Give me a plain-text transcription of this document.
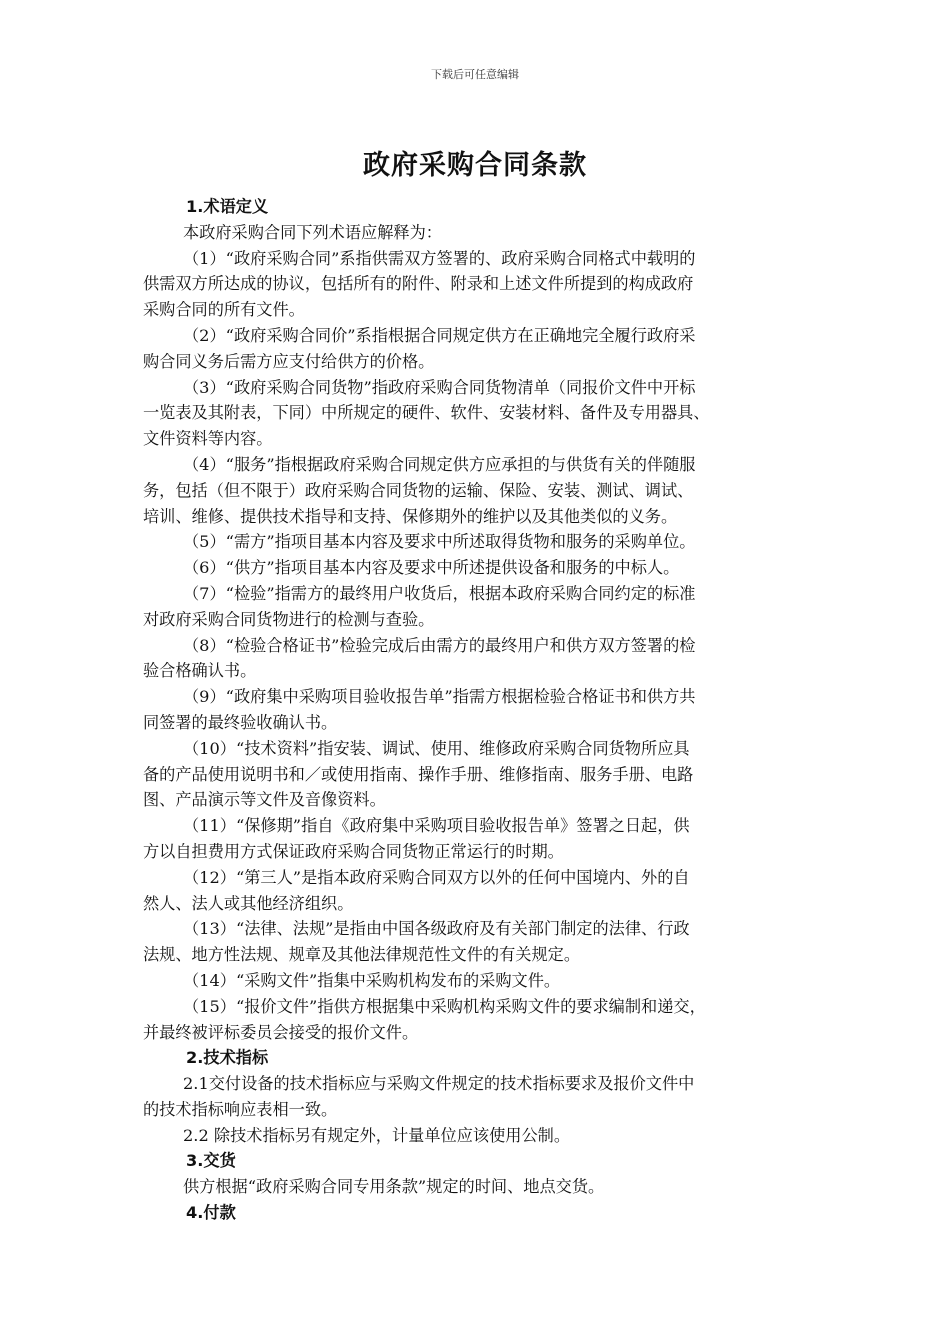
下载后可任意编辑
政府采购合同条款
1.术语定义
本政府采购合同下列术语应解释为：
（1）“政府采购合同”系指供需双方签署的、政府采购合同格式中载明的
供需双方所达成的协议，包括所有的附件、附录和上述文件所提到的构成政府
采购合同的所有文件。
（2）“政府采购合同价”系指根据合同规定供方在正确地完全履行政府采
购合同义务后需方应支付给供方的价格。
（3）“政府采购合同货物”指政府采购合同货物清单（同报价文件中开标
一览表及其附表，下同）中所规定的硬件、软件、安装材料、备件及专用器具、
文件资料等内容。
（4）“服务”指根据政府采购合同规定供方应承担的与供货有关的伴随服
务，包括（但不限于）政府采购合同货物的运输、保险、安装、测试、调试、
培训、维修、提供技术指导和支持、保修期外的维护以及其他类似的义务。
（5）“需方”指项目基本内容及要求中所述取得货物和服务的采购单位。
（6）“供方”指项目基本内容及要求中所述提供设备和服务的中标人。
（7）“检验”指需方的最终用户收货后，根据本政府采购合同约定的标准
对政府采购合同货物进行的检测与查验。
（8）“检验合格证书”检验完成后由需方的最终用户和供方双方签署的检
验合格确认书。
（9）“政府集中采购项目验收报告单”指需方根据检验合格证书和供方共
同签署的最终验收确认书。
（10）“技术资料”指安装、调试、使用、维修政府采购合同货物所应具
备的产品使用说明书和／或使用指南、操作手册、维修指南、服务手册、电路
图、产品演示等文件及音像资料。
（11）“保修期”指自《政府集中采购项目验收报告单》签署之日起，供
方以自担费用方式保证政府采购合同货物正常运行的时期。
（12）“第三人”是指本政府采购合同双方以外的任何中国境内、外的自
然人、法人或其他经济组织。
（13）“法律、法规”是指由中国各级政府及有关部门制定的法律、行政
法规、地方性法规、规章及其他法律规范性文件的有关规定。
（14）“采购文件”指集中采购机构发布的采购文件。
（15）“报价文件”指供方根据集中采购机构采购文件的要求编制和递交，
并最终被评标委员会接受的报价文件。
2.技术指标
2.1交付设备的技术指标应与采购文件规定的技术指标要求及报价文件中
的技术指标响应表相一致。
2.2 除技术指标另有规定外，计量单位应该使用公制。
3.交货
供方根据“政府采购合同专用条款”规定的时间、地点交货。
4.付款
